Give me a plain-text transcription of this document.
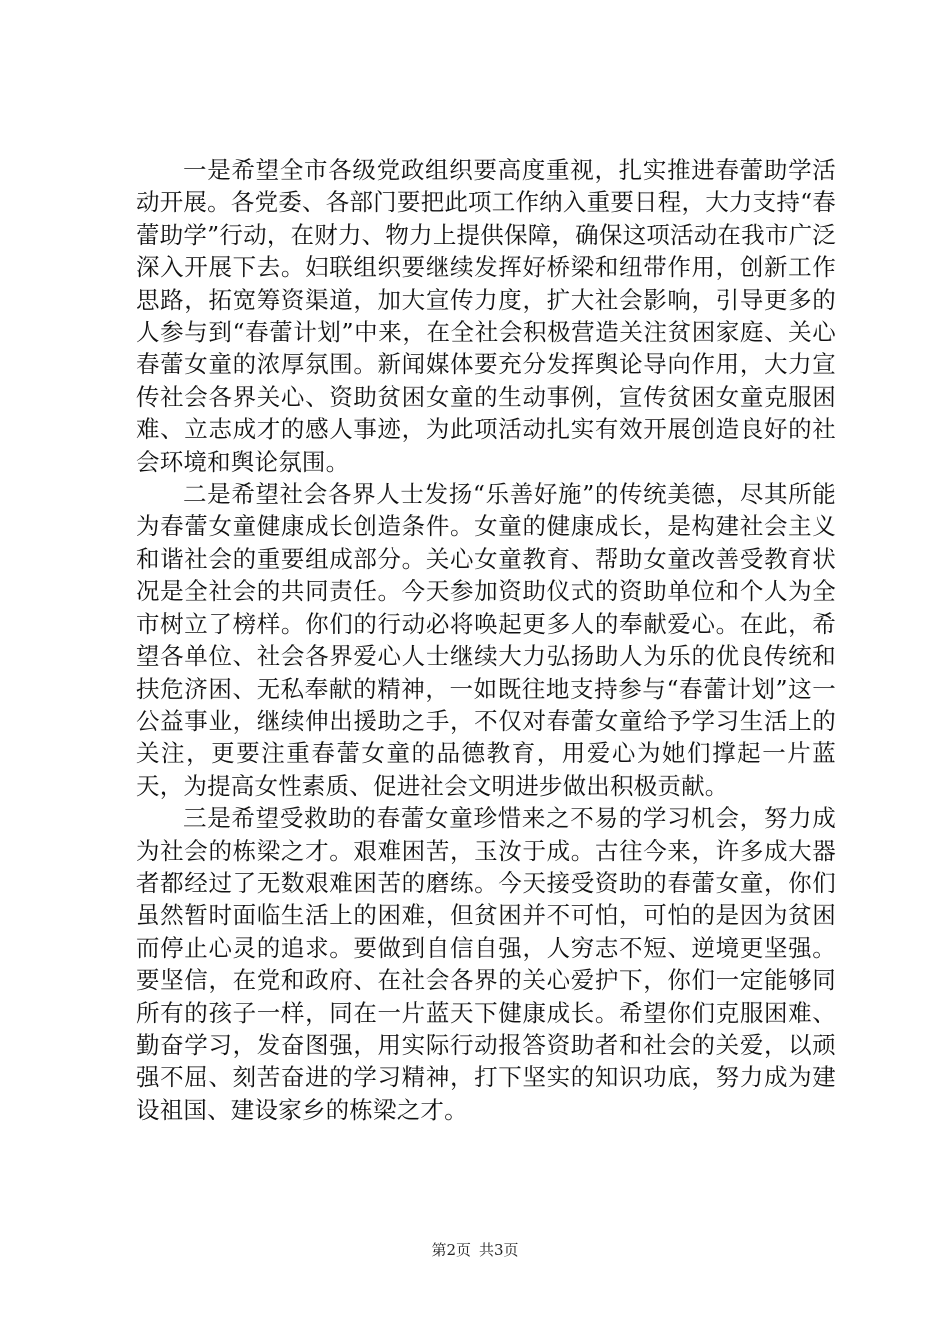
一是希望全市各级党政组织要高度重视，扎实推进春蕾助学活动开展。各党委、各部门要把此项工作纳入重要日程，大力支持“春蕾助学”行动，在财力、物力上提供保障，确保这项活动在我市广泛深入开展下去。妇联组织要继续发挥好桥梁和纽带作用，创新工作思路，拓宽筹资渠道，加大宣传力度，扩大社会影响，引导更多的人参与到“春蕾计划”中来，在全社会积极营造关注贫困家庭、关心春蕾女童的浓厚氛围。新闻媒体要充分发挥舆论导向作用，大力宣传社会各界关心、资助贫困女童的生动事例，宣传贫困女童克服困难、立志成才的感人事迹，为此项活动扎实有效开展创造良好的社会环境和舆论氛围。

二是希望社会各界人士发扬“乐善好施”的传统美德，尽其所能为春蕾女童健康成长创造条件。女童的健康成长，是构建社会主义和谐社会的重要组成部分。关心女童教育、帮助女童改善受教育状况是全社会的共同责任。今天参加资助仪式的资助单位和个人为全市树立了榜样。你们的行动必将唤起更多人的奉献爱心。在此，希望各单位、社会各界爱心人士继续大力弘扬助人为乐的优良传统和扶危济困、无私奉献的精神，一如既往地支持参与“春蕾计划”这一公益事业，继续伸出援助之手，不仅对春蕾女童给予学习生活上的关注，更要注重春蕾女童的品德教育，用爱心为她们撑起一片蓝天，为提高女性素质、促进社会文明进步做出积极贡献。

三是希望受救助的春蕾女童珍惜来之不易的学习机会，努力成为社会的栋梁之才。艰难困苦，玉汝于成。古往今来，许多成大器者都经过了无数艰难困苦的磨练。今天接受资助的春蕾女童，你们虽然暂时面临生活上的困难，但贫困并不可怕，可怕的是因为贫困而停止心灵的追求。要做到自信自强，人穷志不短、逆境更坚强。要坚信，在党和政府、在社会各界的关心爱护下，你们一定能够同所有的孩子一样，同在一片蓝天下健康成长。希望你们克服困难、勤奋学习，发奋图强，用实际行动报答资助者和社会的关爱，以顽强不屈、刻苦奋进的学习精神，打下坚实的知识功底，努力成为建设祖国、建设家乡的栋梁之才。

第2页 共3页
